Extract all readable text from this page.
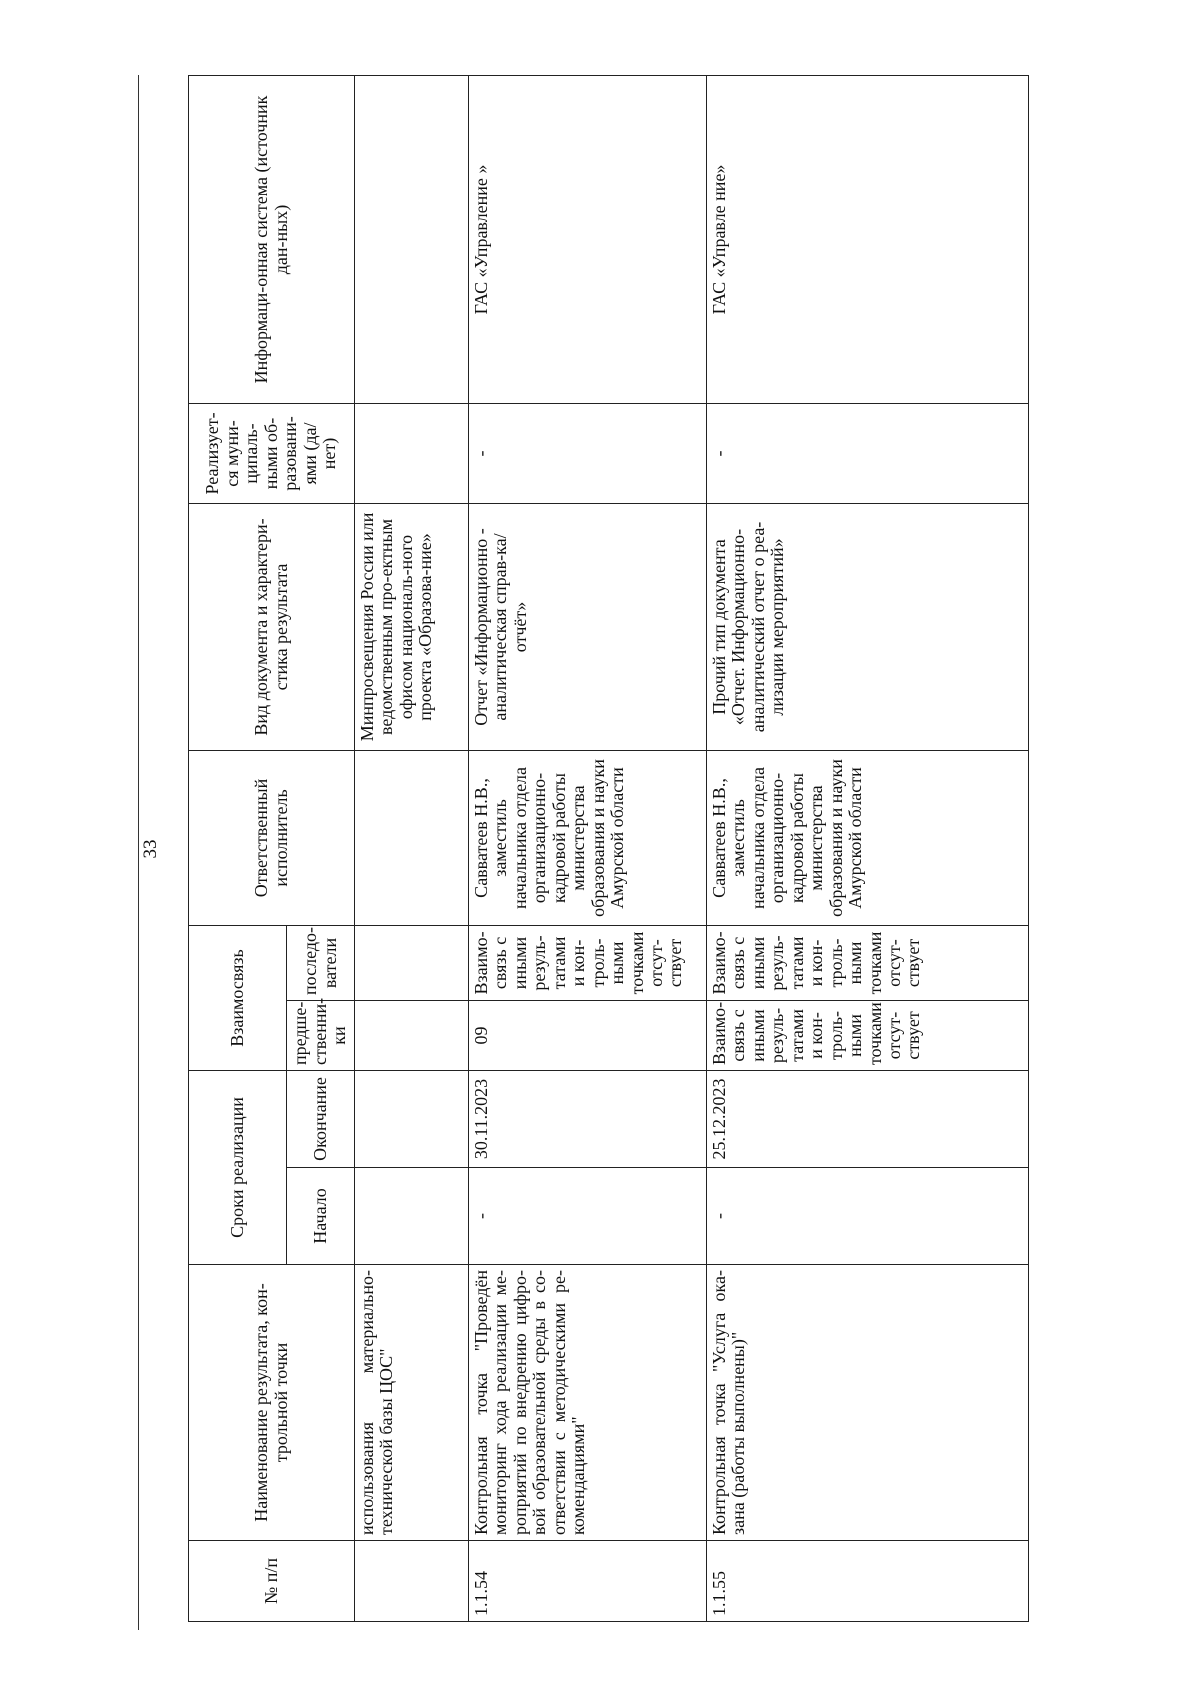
33
№ п/п	Наименование результата, кон-трольной точки	Сроки реализации		Взаимосвязь		Ответственный исполнитель	Вид документа и характери-стика результата	Реализует-ся муни-ципаль-ными об-разовани-ями (да/нет)	Информаци-онная система (источник дан-ных)
		Начало	Окончание	предше-ственни-ки	последо-ватели				
	использования материально-технической базы ЦОС"						Минпросвещения России или ведомственным про-ектным офисом националь-ного проекта «Образова-ние»		
1.1.54	Контрольная точка "Проведён мониторинг хода реализации ме-роприятий по внедрению цифро-вой образовательной среды в со-ответствии с методическими ре-комендациями"	-	30.11.2023	09	Взаимо-связь с иными резуль-татами и кон-троль-ными точками отсут-ствует	Савватеев Н.В., заместиль начальника отдела организационно-кадровой работы министерства образования и науки Амурской области	Отчет «Информационно - аналитическая справ-ка/отчёт»	-	ГАС «Управление »
1.1.55	Контрольная точка "Услуга ока-зана (работы выполнены)"	-	25.12.2023	Взаимо-связь с иными резуль-татами и кон-троль-ными точками отсут-ствует	Взаимо-связь с иными резуль-татами и кон-троль-ными точками отсут-ствует	Савватеев Н.В., заместиль начальника отдела организационно-кадровой работы министерства образования и науки Амурской области	Прочий тип документа «Отчет. Информационно-аналитический отчет о реа-лизации мероприятий»	-	ГАС «Управле ние»
